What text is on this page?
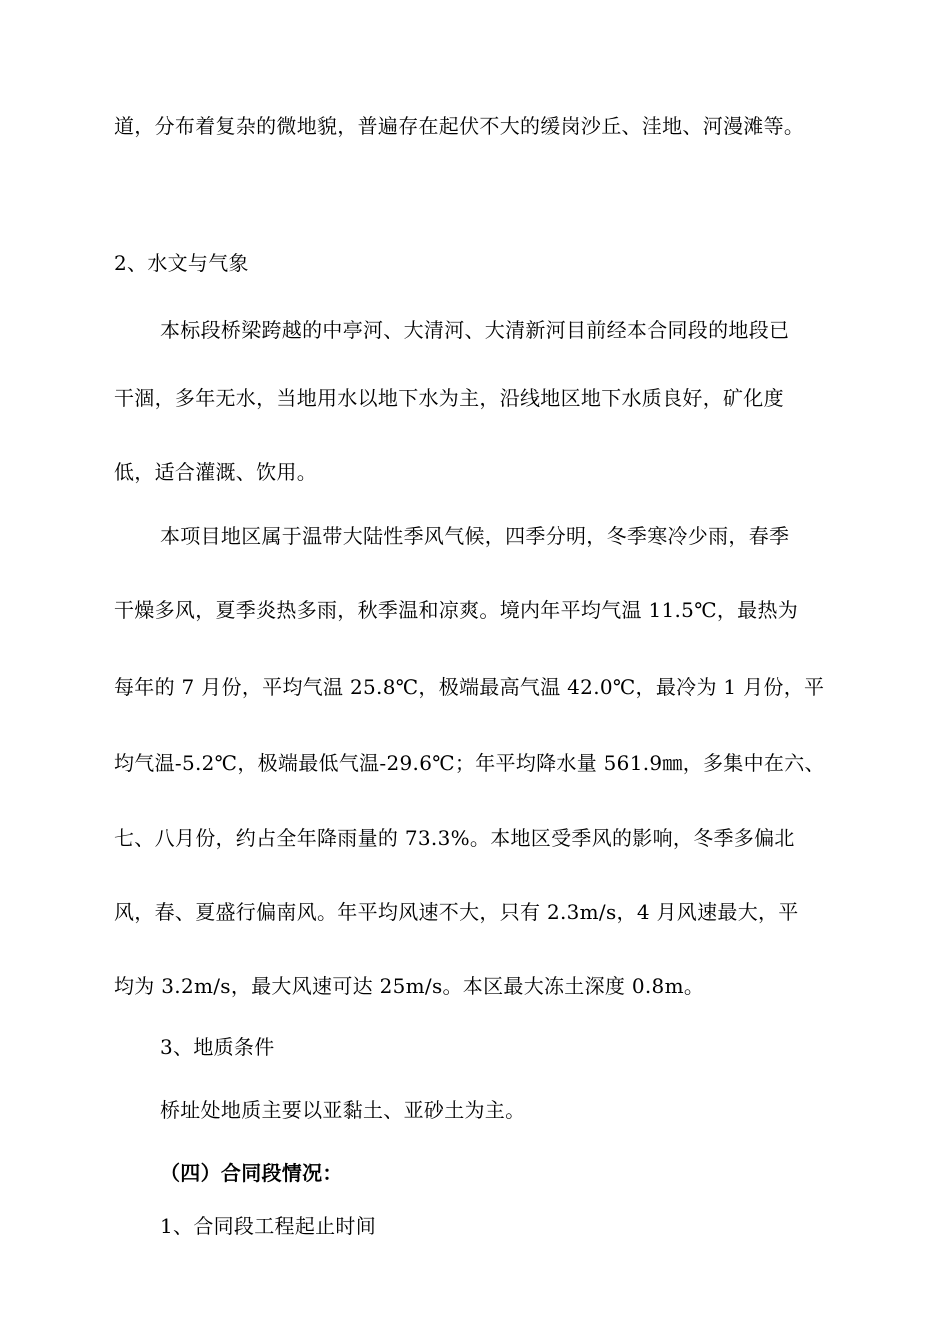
道，分布着复杂的微地貌，普遍存在起伏不大的缓岗沙丘、洼地、河漫滩等。
2、水文与气象
本标段桥梁跨越的中亭河、大清河、大清新河目前经本合同段的地段已
干涸，多年无水，当地用水以地下水为主，沿线地区地下水质良好，矿化度
低，适合灌溉、饮用。
本项目地区属于温带大陆性季风气候，四季分明，冬季寒冷少雨，春季
干燥多风，夏季炎热多雨，秋季温和凉爽。境内年平均气温 11.5℃，最热为
每年的 7 月份，平均气温 25.8℃，极端最高气温 42.0℃，最冷为 1 月份，平
均气温-5.2℃，极端最低气温-29.6℃；年平均降水量 561.9㎜，多集中在六、
七、八月份，约占全年降雨量的 73.3%。本地区受季风的影响，冬季多偏北
风，春、夏盛行偏南风。年平均风速不大，只有 2.3m/s，4 月风速最大，平
均为 3.2m/s，最大风速可达 25m/s。本区最大冻土深度 0.8m。
3、地质条件
桥址处地质主要以亚黏土、亚砂土为主。
（四）合同段情况：
1、合同段工程起止时间
